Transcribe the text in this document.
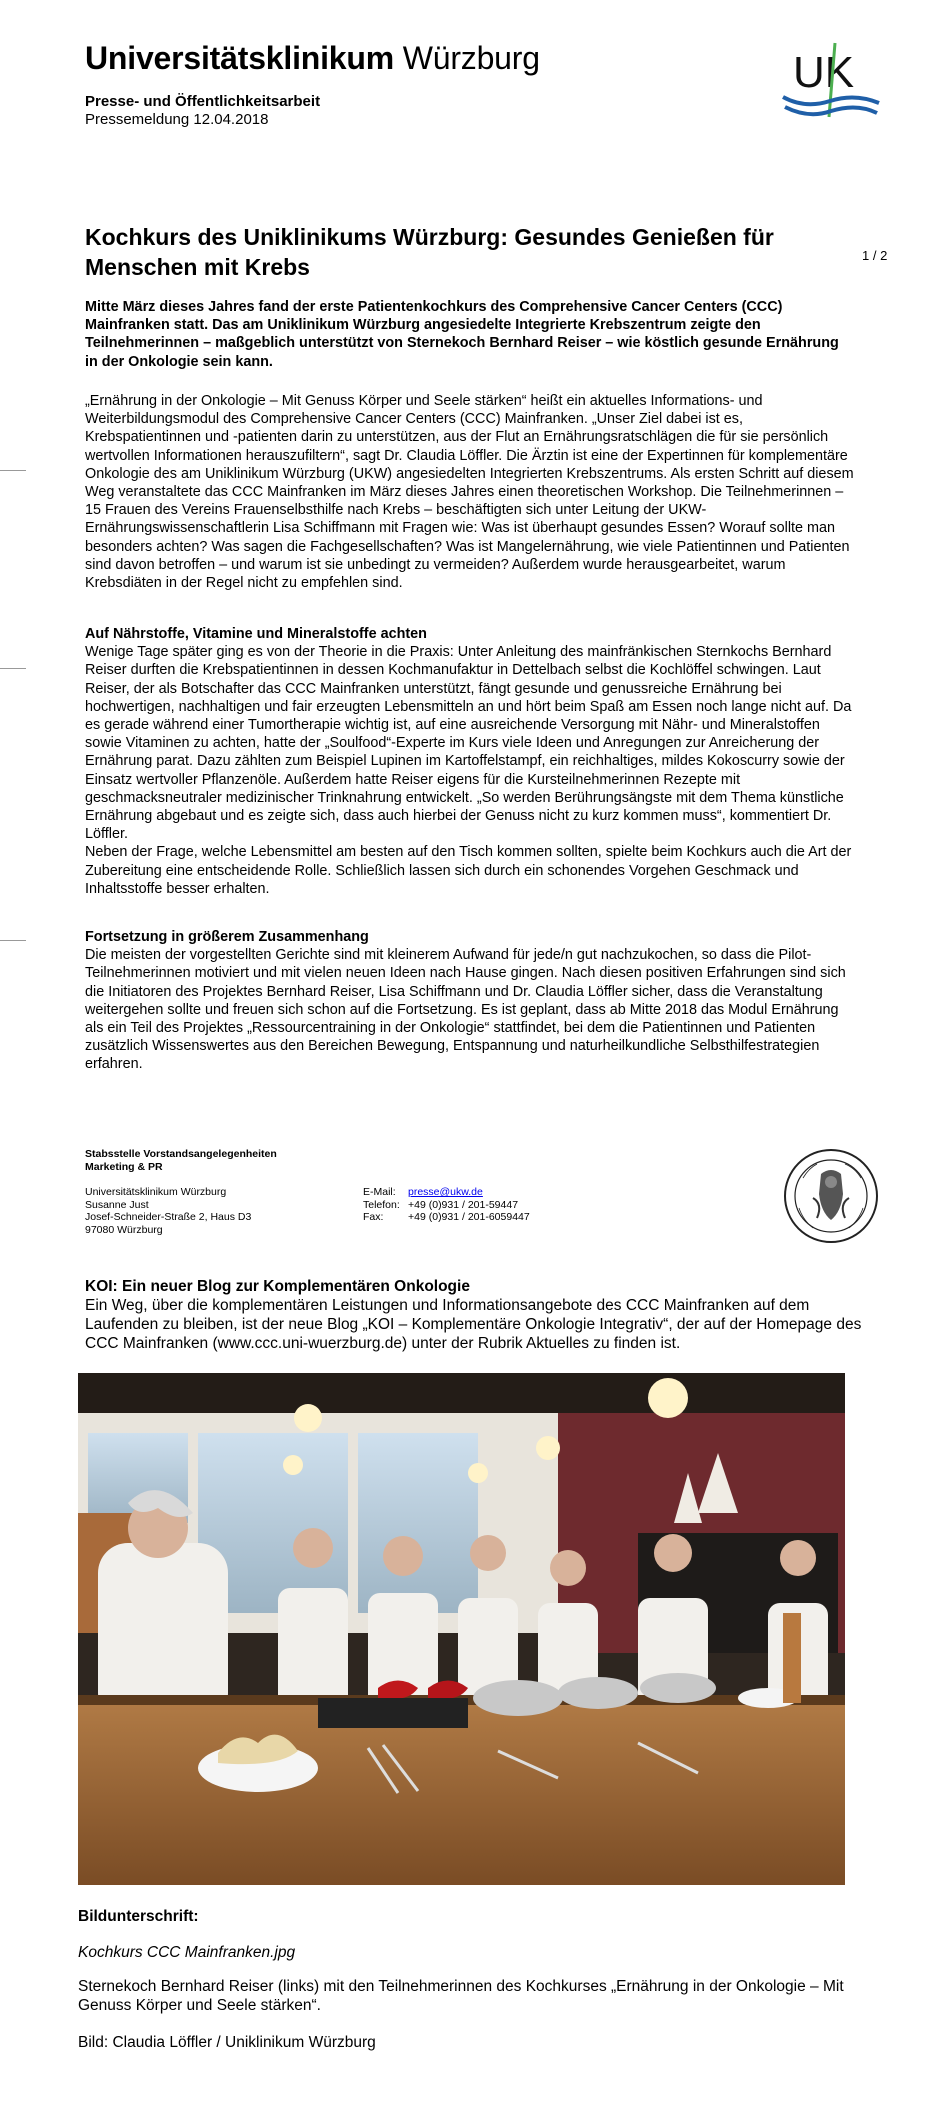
Universitätsklinikum Würzburg
Presse- und Öffentlichkeitsarbeit
Pressemeldung 12.04.2018
UK
1 / 2
Kochkurs des Uniklinikums Würzburg: Gesundes Genießen für Menschen mit Krebs
Mitte März dieses Jahres fand der erste Patientenkochkurs des Comprehensive Cancer Centers (CCC) Mainfranken statt. Das am Uniklinikum Würzburg angesiedelte Integrierte Krebszentrum zeigte den Teilnehmerinnen – maßgeblich unterstützt von Sternekoch Bernhard Reiser – wie köstlich gesunde Ernährung in der Onkologie sein kann.
„Ernährung in der Onkologie – Mit Genuss Körper und Seele stärken“ heißt ein aktuelles Informations- und Weiterbildungsmodul des Comprehensive Cancer Centers (CCC) Mainfranken. „Unser Ziel dabei ist es, Krebspatientinnen und -patienten darin zu unterstützen, aus der Flut an Ernährungsratschlägen die für sie persönlich wertvollen Informationen herauszufiltern“, sagt Dr. Claudia Löffler. Die Ärztin ist eine der Expertinnen für komplementäre Onkologie des am Uniklinikum Würzburg (UKW) angesiedelten Integrierten Krebszentrums. Als ersten Schritt auf diesem Weg veranstaltete das CCC Mainfranken im März dieses Jahres einen theoretischen Workshop. Die Teilnehmerinnen – 15 Frauen des Vereins Frauenselbsthilfe nach Krebs – beschäftigten sich unter Leitung der UKW-Ernährungswissenschaftlerin Lisa Schiffmann mit Fragen wie: Was ist überhaupt gesundes Essen? Worauf sollte man besonders achten? Was sagen die Fachgesellschaften? Was ist Mangelernährung, wie viele Patientinnen und Patienten sind davon betroffen – und warum ist sie unbedingt zu vermeiden? Außerdem wurde herausgearbeitet, warum Krebsdiäten in der Regel nicht zu empfehlen sind.
Auf Nährstoffe, Vitamine und Mineralstoffe achten
Wenige Tage später ging es von der Theorie in die Praxis: Unter Anleitung des mainfränkischen Sternkochs Bernhard Reiser durften die Krebspatientinnen in dessen Kochmanufaktur in Dettelbach selbst die Kochlöffel schwingen. Laut Reiser, der als Botschafter das CCC Mainfranken unterstützt, fängt gesunde und genussreiche Ernährung bei hochwertigen, nachhaltigen und fair erzeugten Lebensmitteln an und hört beim Spaß am Essen noch lange nicht auf. Da es gerade während einer Tumortherapie wichtig ist, auf eine ausreichende Versorgung mit Nähr- und Mineralstoffen sowie Vitaminen zu achten, hatte der „Soulfood“-Experte im Kurs viele Ideen und Anregungen zur Anreicherung der Ernährung parat. Dazu zählten zum Beispiel Lupinen im Kartoffelstampf, ein reichhaltiges, mildes Kokoscurry sowie der Einsatz wertvoller Pflanzenöle. Außerdem hatte Reiser eigens für die Kursteilnehmerinnen Rezepte mit geschmacksneutraler medizinischer Trinknahrung entwickelt. „So werden Berührungsängste mit dem Thema künstliche Ernährung abgebaut und es zeigte sich, dass auch hierbei der Genuss nicht zu kurz kommen muss“, kommentiert Dr. Löffler.
Neben der Frage, welche Lebensmittel am besten auf den Tisch kommen sollten, spielte beim Kochkurs auch die Art der Zubereitung eine entscheidende Rolle. Schließlich lassen sich durch ein schonendes Vorgehen Geschmack und Inhaltsstoffe besser erhalten.
Fortsetzung in größerem Zusammenhang
Die meisten der vorgestellten Gerichte sind mit kleinerem Aufwand für jede/n gut nachzukochen, so dass die Pilot-Teilnehmerinnen motiviert und mit vielen neuen Ideen nach Hause gingen. Nach diesen positiven Erfahrungen sind sich die Initiatoren des Projektes Bernhard Reiser, Lisa Schiffmann und Dr. Claudia Löffler sicher, dass die Veranstaltung weitergehen sollte und freuen sich schon auf die Fortsetzung. Es ist geplant, dass ab Mitte 2018 das Modul Ernährung als ein Teil des Projektes „Ressourcentraining in der Onkologie“ stattfindet, bei dem die Patientinnen und Patienten zusätzlich Wissenswertes aus den Bereichen Bewegung, Entspannung und naturheilkundliche Selbsthilfestrategien erfahren.
Stabsstelle Vorstandsangelegenheiten
Marketing & PR
Universitätsklinikum Würzburg
Susanne Just
Josef-Schneider-Straße 2, Haus D3
97080 Würzburg
E-Mail: presse@ukw.de
Telefon: +49 (0)931 / 201-59447
Fax: +49 (0)931 / 201-6059447
KOI: Ein neuer Blog zur Komplementären Onkologie
Ein Weg, über die komplementären Leistungen und Informationsangebote des CCC Mainfranken auf dem Laufenden zu bleiben, ist der neue Blog „KOI – Komplementäre Onkologie Integrativ“, der auf der Homepage des CCC Mainfranken (www.ccc.uni-wuerzburg.de) unter der Rubrik Aktuelles zu finden ist.
Bildunterschrift:
Kochkurs CCC Mainfranken.jpg
Sternekoch Bernhard Reiser (links) mit den Teilnehmerinnen des Kochkurses „Ernährung in der Onkologie – Mit Genuss Körper und Seele stärken“.
Bild: Claudia Löffler / Uniklinikum Würzburg
